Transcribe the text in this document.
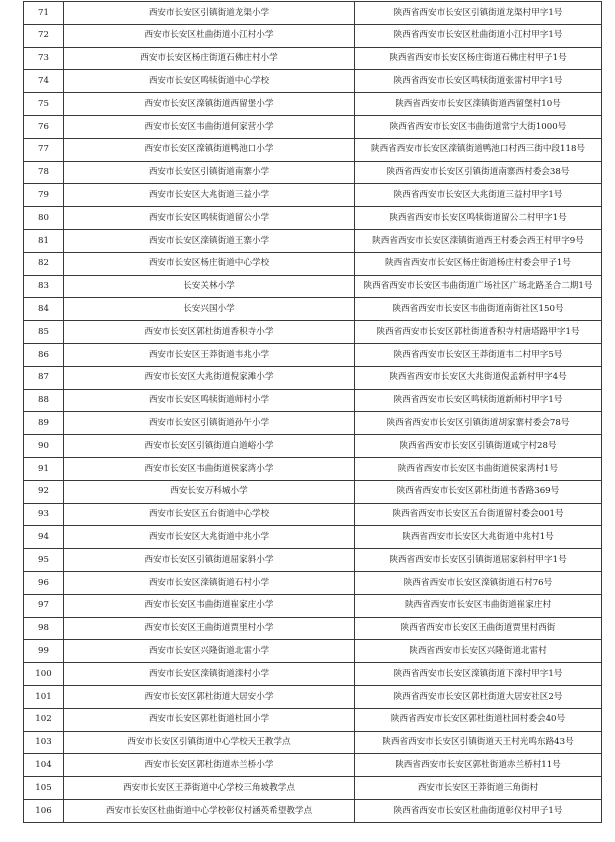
71	西安市长安区引镇街道龙渠小学	陕西省西安市长安区引镇街道龙渠村甲字1号
72	西安市长安区杜曲街道小江村小学	陕西省西安市长安区杜曲街道小江村甲字1号
73	西安市长安区杨庄街道石佛庄村小学	陕西省西安市长安区杨庄街道石佛庄村甲子1号
74	西安市长安区鸣犊街道中心学校	陕西省西安市长安区鸣犊街道张雷村甲字1号
75	西安市长安区滦镇街道西留堡小学	陕西省西安市长安区滦镇街道西留堡村10号
76	西安市长安区韦曲街道何家营小学	陕西省西安市长安区韦曲街道常宁大街1000号
77	西安市长安区滦镇街道鸭池口小学	陕西省西安市长安区滦镇街道鸭池口村西三街中段118号
78	西安市长安区引镇街道南寨小学	陕西省西安市长安区引镇街道南寨西村委会38号
79	西安市长安区大兆街道三益小学	陕西省西安市长安区大兆街道三益村甲字1号
80	西安市长安区鸣犊街道留公小学	陕西省西安市长安区鸣犊街道留公二村甲字1号
81	西安市长安区滦镇街道王寨小学	陕西省西安市长安区滦镇街道西王村委会西王村甲字9号
82	西安市长安区杨庄街道中心学校	陕西省西安市长安区杨庄街道杨庄村委会甲子1号
83	长安关林小学	陕西省西安市长安区韦曲街道广场社区广场北路圣合二期1号
84	长安兴国小学	陕西省西安市长安区韦曲街道南街社区150号
85	西安市长安区郭杜街道香积寺小学	陕西省西安市长安区郭杜街道香积寺村唐塔路甲字1号
86	西安市长安区王莽街道韦兆小学	陕西省西安市长安区王莽街道韦二村甲字5号
87	西安市长安区大兆街道倪家滩小学	陕西省西安市长安区大兆街道倪孟新村甲字4号
88	西安市长安区鸣犊街道师村小学	陕西省西安市长安区鸣犊街道新师村甲字1号
89	西安市长安区引镇街道孙午小学	陕西省西安市长安区引镇街道胡家寨村委会78号
90	西安市长安区引镇街道白道峪小学	陕西省西安市长安区引镇街道咸宁村28号
91	西安市长安区韦曲街道侯家湾小学	陕西省西安市长安区韦曲街道侯家湾村1号
92	西安长安万科城小学	陕西省西安市长安区郭杜街道书香路369号
93	西安市长安区五台街道中心学校	陕西省西安市长安区五台街道留村委会001号
94	西安市长安区大兆街道中兆小学	陕西省西安市长安区大兆街道中兆村1号
95	西安市长安区引镇街道屈家斜小学	陕西省西安市长安区引镇街道屈家斜村甲字1号
96	西安市长安区滦镇街道石村小学	陕西省西安市长安区滦镇街道石村76号
97	西安市长安区韦曲街道崔家庄小学	陕西省西安市长安区韦曲街道崔家庄村
98	西安市长安区王曲街道贾里村小学	陕西省西安市长安区王曲街道贾里村西街
99	西安市长安区兴隆街道北雷小学	陕西省西安市长安区兴隆街道北雷村
100	西安市长安区滦镇街道滦村小学	陕西省西安市长安区滦镇街道下滦村甲字1号
101	西安市长安区郭杜街道大居安小学	陕西省西安市长安区郭杜街道大居安社区2号
102	西安市长安区郭杜街道杜回小学	陕西省西安市长安区郭杜街道杜回村委会40号
103	西安市长安区引镇街道中心学校天王教学点	陕西省西安市长安区引镇街道天王村光鸣东路43号
104	西安市长安区郭杜街道赤兰桥小学	陕西省西安市长安区郭杜街道赤兰桥村11号
105	西安市长安区王莽街道中心学校三角坡教学点	西安市长安区王莽街道三角街村
106	西安市长安区杜曲街道中心学校彰仪村涵英希望教学点	陕西省西安市长安区杜曲街道彰仪村甲子1号
